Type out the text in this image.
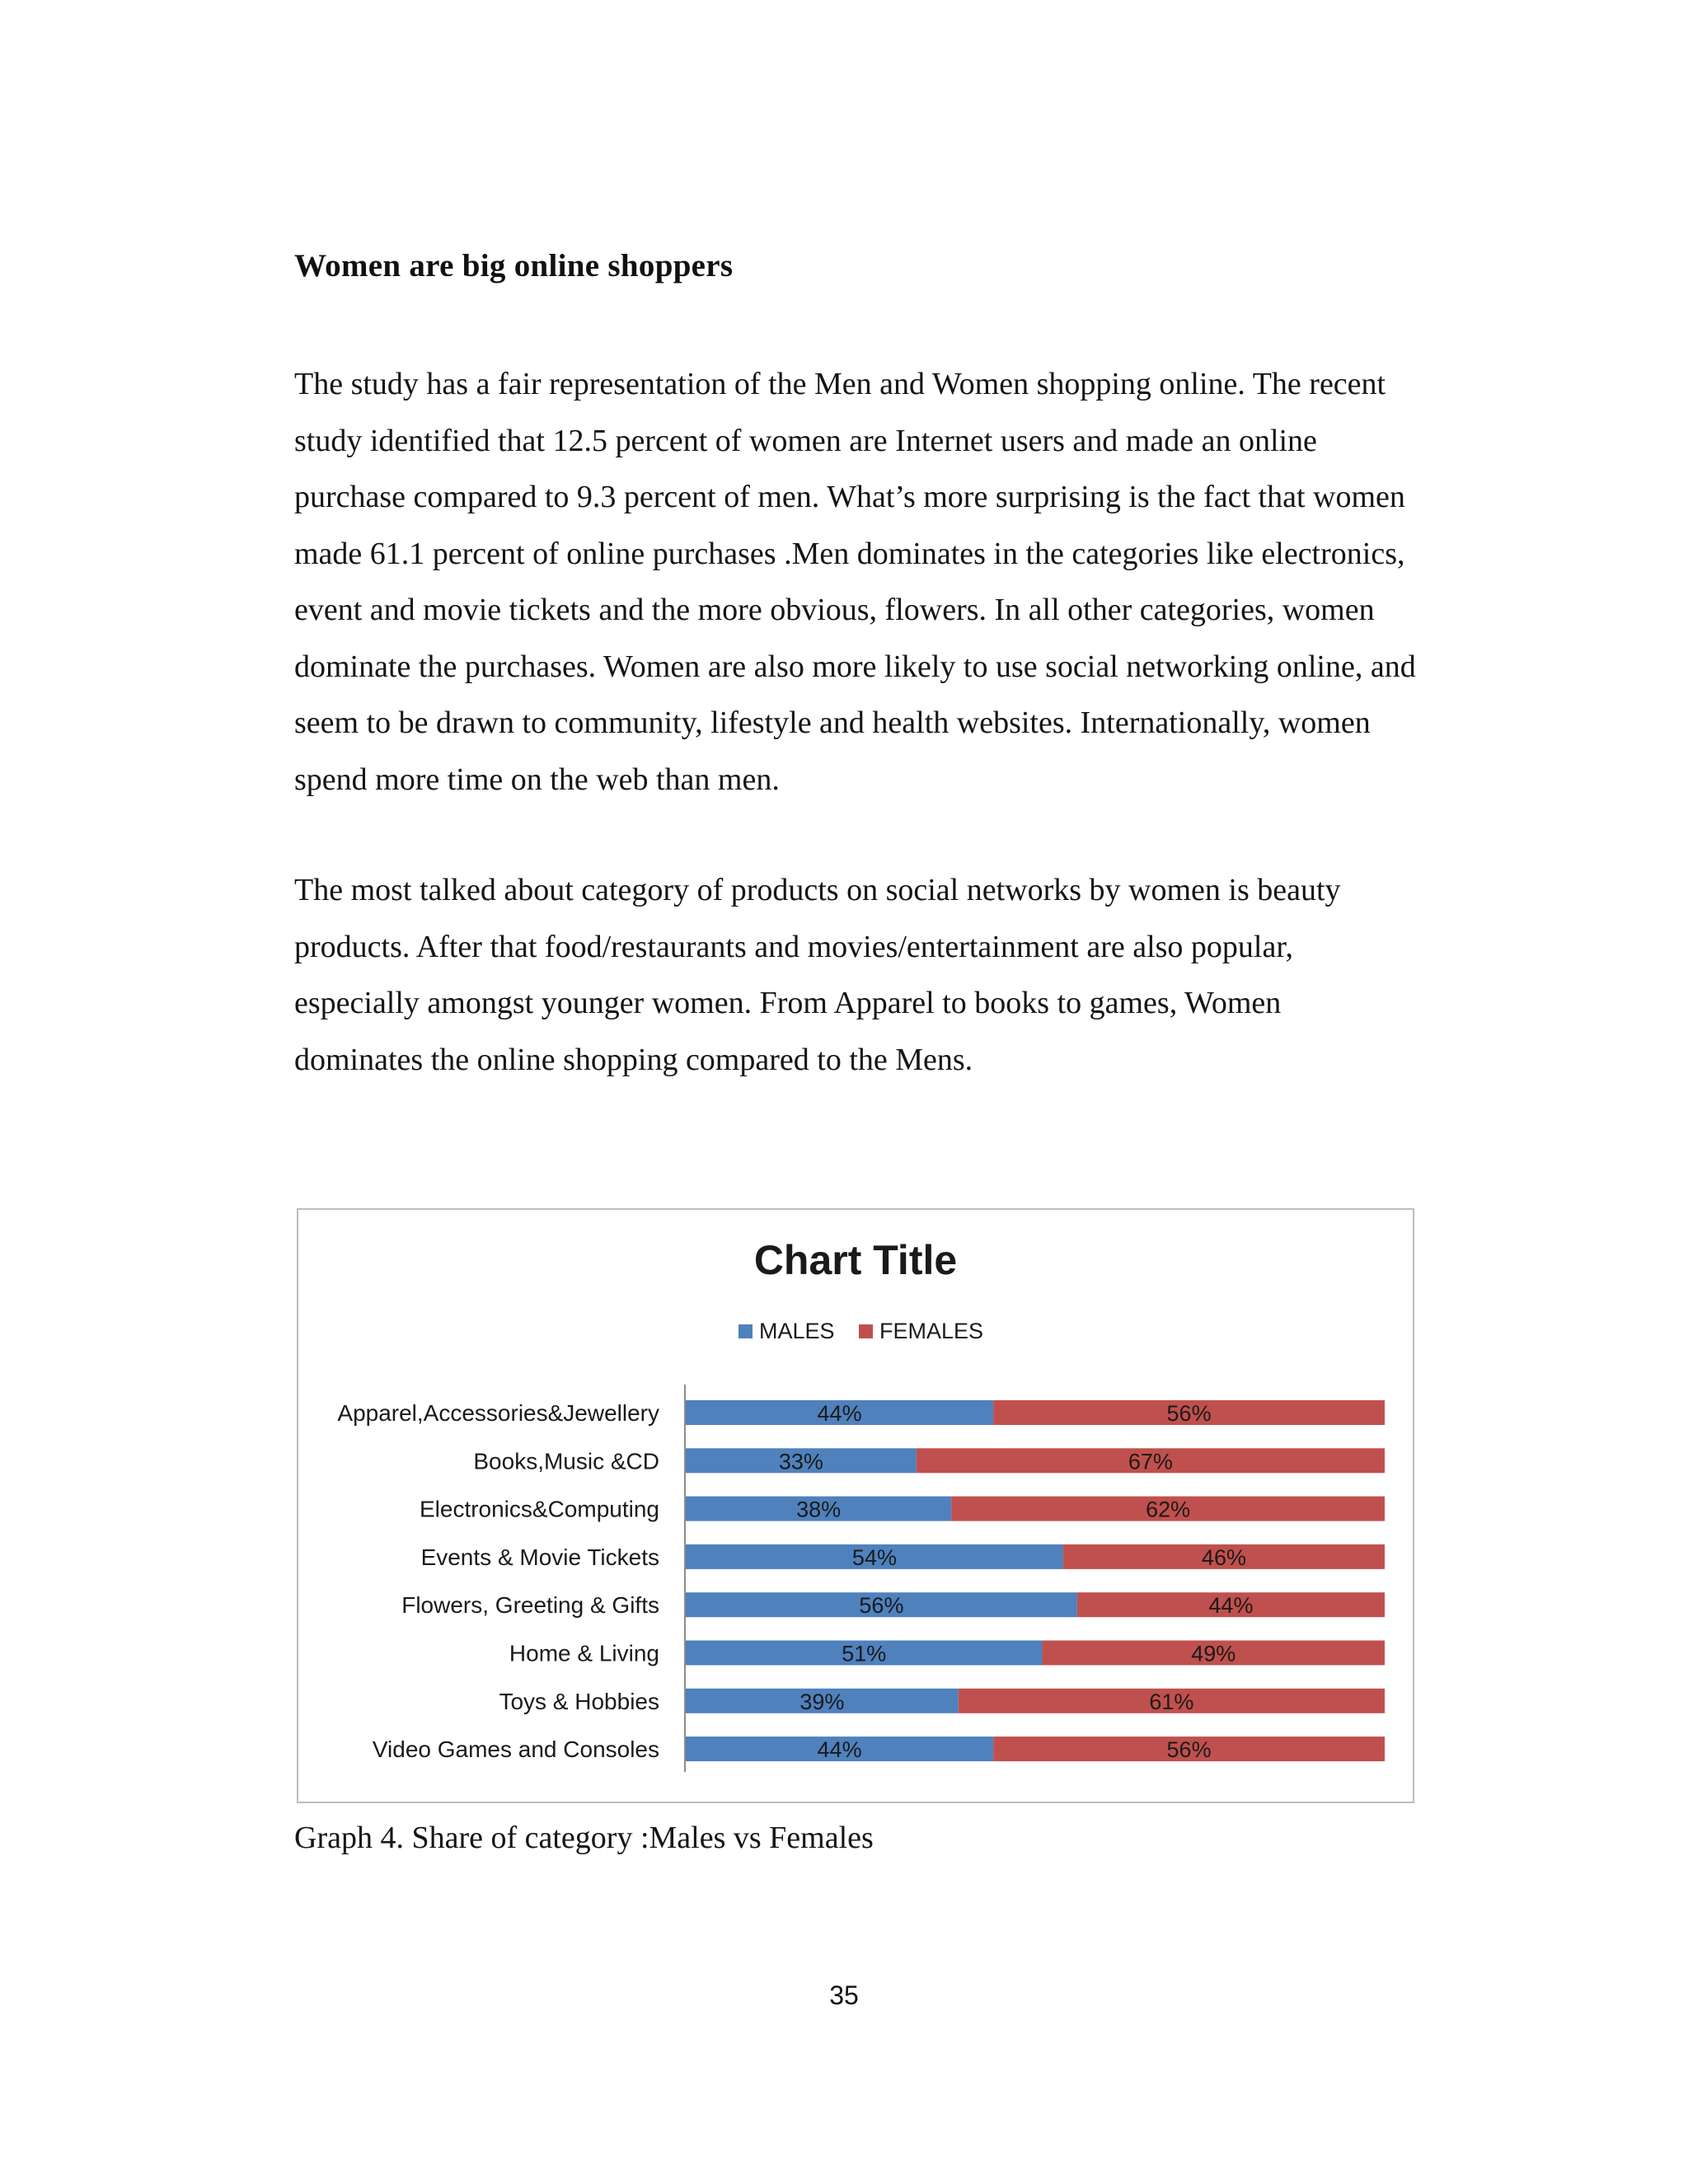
Women are big online shoppers

The study has a fair representation of the Men and Women shopping online. The recent
study identified that 12.5 percent of women are Internet users and made an online
purchase compared to 9.3 percent of men. What’s more surprising is the fact that women
made 61.1 percent of online purchases .Men dominates in the categories like electronics,
event and movie tickets and the more obvious, flowers. In all other categories, women
dominate the purchases. Women are also more likely to use social networking online, and
seem to be drawn to community, lifestyle and health websites. Internationally, women
spend more time on the web than men.

The most talked about category of products on social networks by women is beauty
products. After that food/restaurants and movies/entertainment are also popular,
especially amongst younger women. From Apparel to books to games, Women
dominates the online shopping compared to the Mens.

Chart Title
MALES FEMALES
44%	56%
33%	67%
38%	62%
54%	46%
56%	44%
51%	49%
39%	61%
44%	56%
Apparel,Accessories&Jewellery
Books,Music &CD
Electronics&Computing
Events & Movie Tickets
Flowers, Greeting & Gifts
Home & Living
Toys & Hobbies
Video Games and Consoles
Graph 4. Share of category :Males vs Females
35
